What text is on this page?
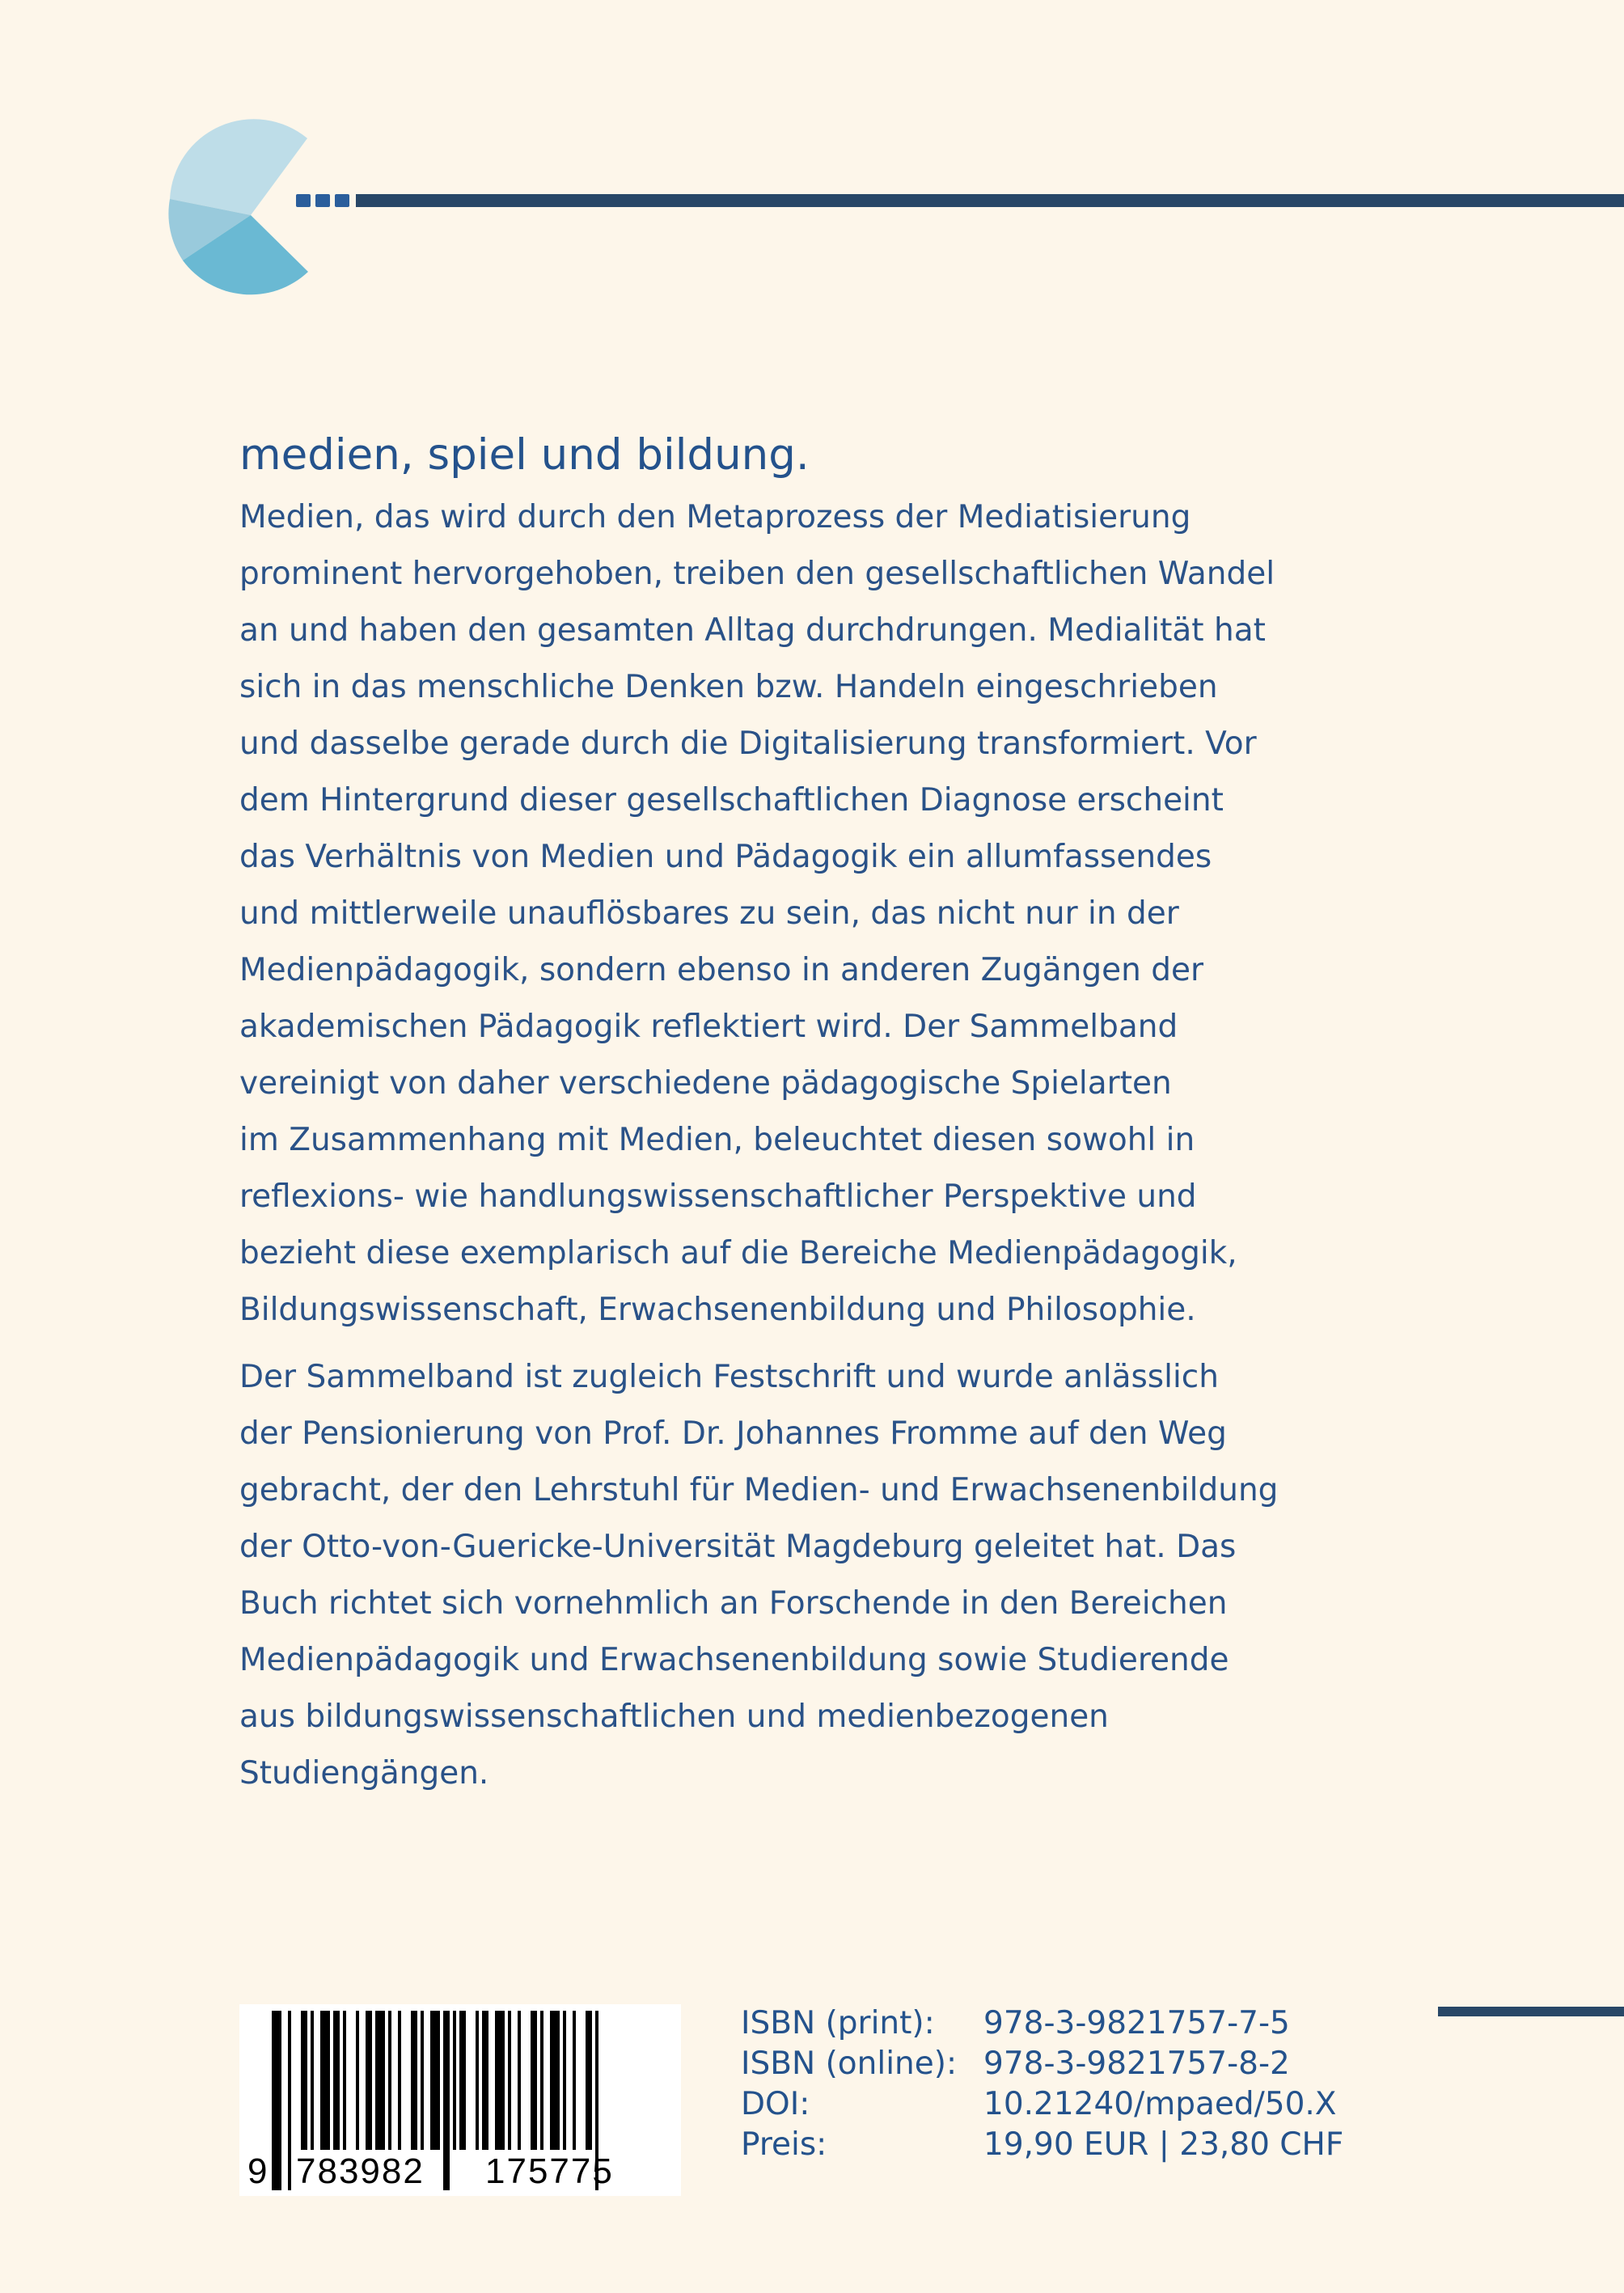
medien, spiel und bildung.
Medien, das wird durch den Metaprozess der Mediatisierung
prominent hervorgehoben, treiben den gesellschaftlichen Wandel
an und haben den gesamten Alltag durchdrungen. Medialität hat
sich in das menschliche Denken bzw. Handeln eingeschrieben
und dasselbe gerade durch die Digitalisierung transformiert. Vor
dem Hintergrund dieser gesellschaftlichen Diagnose erscheint
das Verhältnis von Medien und Pädagogik ein allumfassendes
und mittlerweile unauflösbares zu sein, das nicht nur in der
Medienpädagogik, sondern ebenso in anderen Zugängen der
akademischen Pädagogik reflektiert wird. Der Sammelband
vereinigt von daher verschiedene pädagogische Spielarten
im Zusammenhang mit Medien, beleuchtet diesen sowohl in
reflexions- wie handlungswissenschaftlicher Perspektive und
bezieht diese exemplarisch auf die Bereiche Medienpädagogik,
Bildungswissenschaft, Erwachsenenbildung und Philosophie.
Der Sammelband ist zugleich Festschrift und wurde anlässlich
der Pensionierung von Prof. Dr. Johannes Fromme auf den Weg
gebracht, der den Lehrstuhl für Medien- und Erwachsenenbildung
der Otto-von-Guericke-Universität Magdeburg geleitet hat. Das
Buch richtet sich vornehmlich an Forschende in den Bereichen
Medienpädagogik und Erwachsenenbildung sowie Studierende
aus bildungswissenschaftlichen und medienbezogenen
Studiengängen.
9 783982 175775
ISBN (print):	978-3-9821757-7-5
ISBN (online): 978-3-9821757-8-2
DOI:	10.21240/mpaed/50.X
Preis:	19,90 EUR | 23,80 CHF
